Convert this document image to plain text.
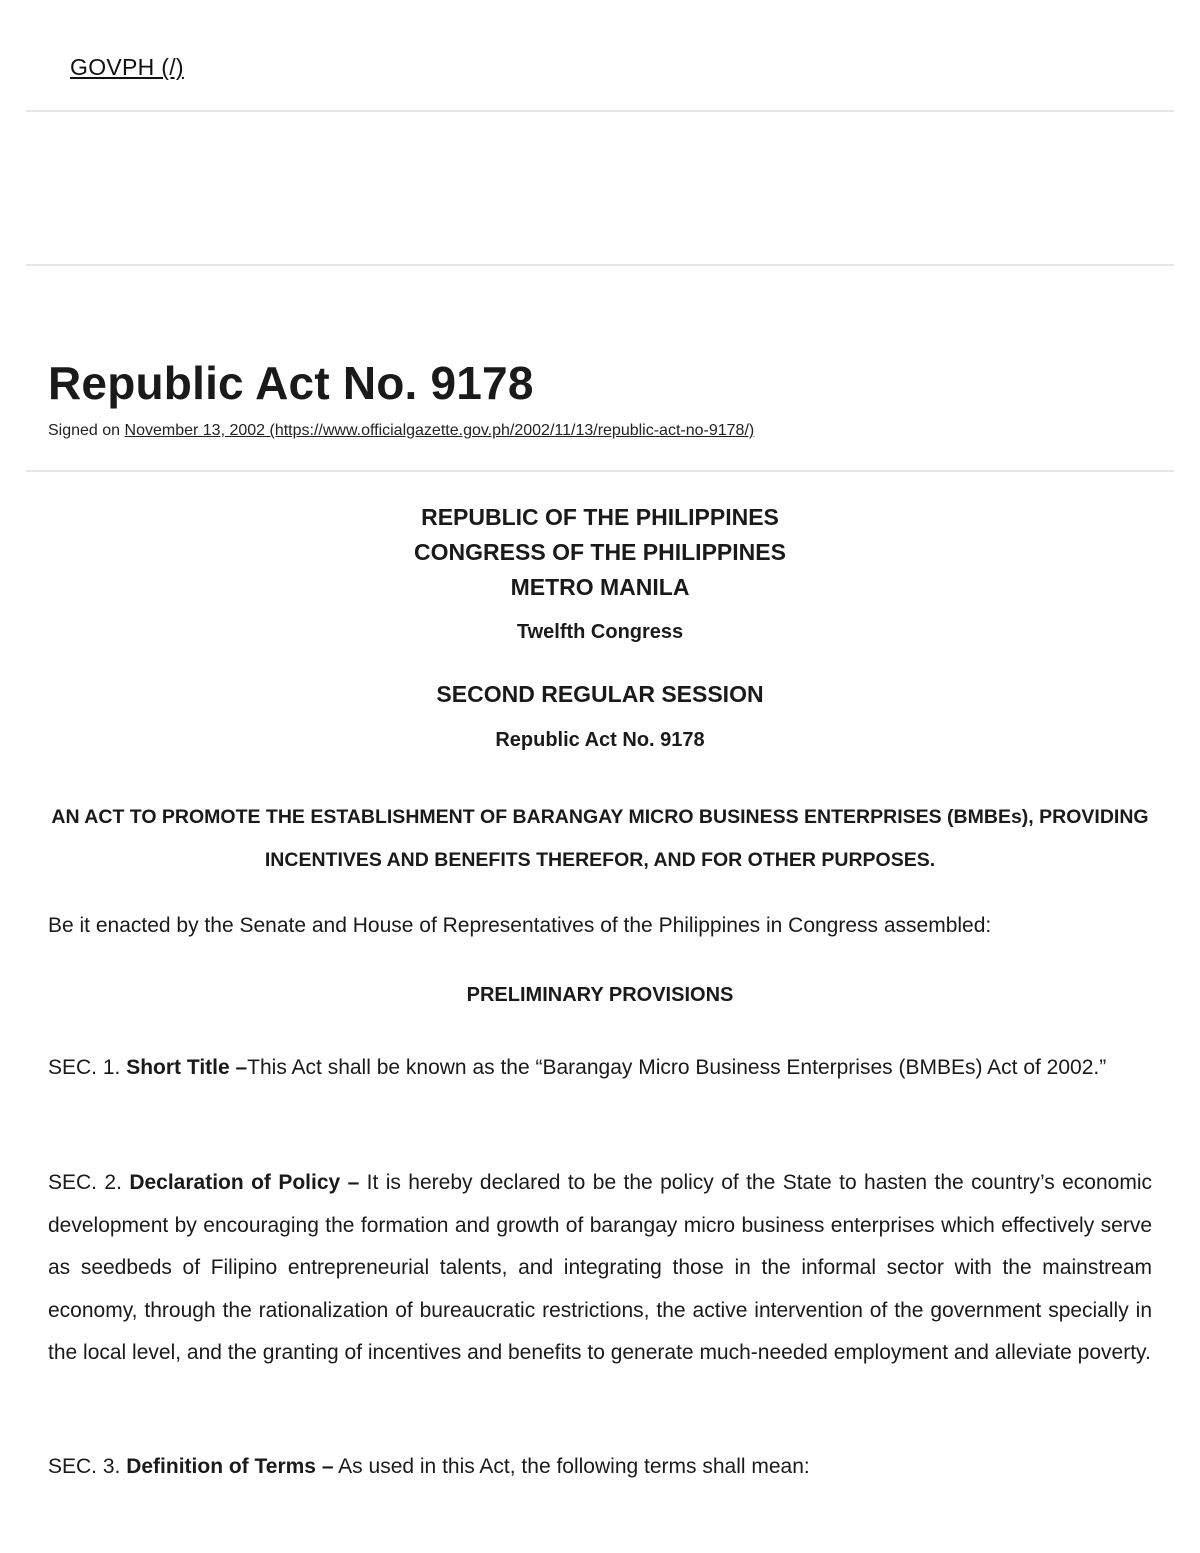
GOVPH (/)
Republic Act No. 9178
Signed on November 13, 2002 (https://www.officialgazette.gov.ph/2002/11/13/republic-act-no-9178/)
REPUBLIC OF THE PHILIPPINES
CONGRESS OF THE PHILIPPINES
METRO MANILA
Twelfth Congress
SECOND REGULAR SESSION
Republic Act No. 9178
AN ACT TO PROMOTE THE ESTABLISHMENT OF BARANGAY MICRO BUSINESS ENTERPRISES (BMBEs), PROVIDING INCENTIVES AND BENEFITS THEREFOR, AND FOR OTHER PURPOSES.
Be it enacted by the Senate and House of Representatives of the Philippines in Congress assembled:
PRELIMINARY PROVISIONS
SEC. 1. Short Title –This Act shall be known as the “Barangay Micro Business Enterprises (BMBEs) Act of 2002.”
SEC. 2. Declaration of Policy – It is hereby declared to be the policy of the State to hasten the country’s economic development by encouraging the formation and growth of barangay micro business enterprises which effectively serve as seedbeds of Filipino entrepreneurial talents, and integrating those in the informal sector with the mainstream economy, through the rationalization of bureaucratic restrictions, the active intervention of the government specially in the local level, and the granting of incentives and benefits to generate much-needed employment and alleviate poverty.
SEC. 3. Definition of Terms – As used in this Act, the following terms shall mean:
